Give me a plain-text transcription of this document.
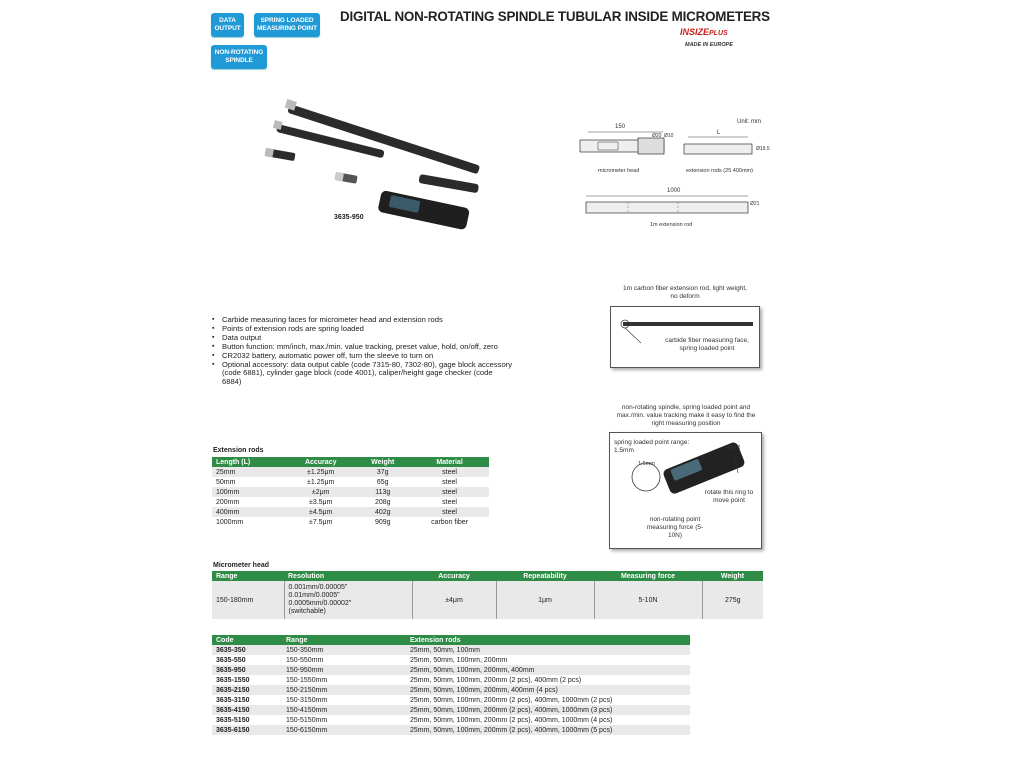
DATA OUTPUT
SPRING LOADED MEASURING POINT
NON-ROTATING SPINDLE
DIGITAL NON-ROTATING SPINDLE TUBULAR INSIDE MICROMETERS
INSIZEPLUS
MADE IN EUROPE
3635-950
Unit: mm
150
L
1000
Ø20 Ø10
Ø19.5
Ø21
micrometer head	extension rods (25 400mm)
1m extension rod
▪ Carbide measuring faces for micrometer head and extension rods
▪ Points of extension rods are spring loaded
▪ Data output
▪ Button function: mm/inch, max./min. value tracking, preset value, hold, on/off, zero
▪ CR2032 battery, automatic power off, turn the sleeve to turn on
▪ Optional accessory: data output cable (code 7315-80, 7302-80), gage block accessory (code 6881), cylinder gage block (code 4001), caliper/height gage checker (code 6884)
1m carbon fiber extension rod, light weight, no deform
carbide fiber measuring face, spring loaded point
non-rotating spindle, spring loaded point and max./min. value tracking make it easy to find the right measuring position
spring loaded point range: 1.5mm
1.5mm
point
rotate this ring to move point
non-rotating point measuring force (5-10N)
Extension rods
Length (L)	Accuracy	Weight	Material
25mm	±1.25μm	37g	steel
50mm	±1.25μm	65g	steel
100mm	±2μm	113g	steel
200mm	±3.5μm	208g	steel
400mm	±4.5μm	402g	steel
1000mm	±7.5μm	909g	carbon fiber
Micrometer head
Range	Resolution	Accuracy	Repeatability	Measuring force	Weight
150-180mm	0.001mm/0.00005"
0.01mm/0.0005"
0.0005mm/0.00002"
(switchable)	±4μm	1μm	5-10N	275g
Code	Range	Extension rods
3635-350	150-350mm	25mm, 50mm, 100mm
3635-550	150-550mm	25mm, 50mm, 100mm, 200mm
3635-950	150-950mm	25mm, 50mm, 100mm, 200mm, 400mm
3635-1550	150-1550mm	25mm, 50mm, 100mm, 200mm (2 pcs), 400mm (2 pcs)
3635-2150	150-2150mm	25mm, 50mm, 100mm, 200mm, 400mm (4 pcs)
3635-3150	150-3150mm	25mm, 50mm, 100mm, 200mm (2 pcs), 400mm, 1000mm (2 pcs)
3635-4150	150-4150mm	25mm, 50mm, 100mm, 200mm (2 pcs), 400mm, 1000mm (3 pcs)
3635-5150	150-5150mm	25mm, 50mm, 100mm, 200mm (2 pcs), 400mm, 1000mm (4 pcs)
3635-6150	150-6150mm	25mm, 50mm, 100mm, 200mm (2 pcs), 400mm, 1000mm (5 pcs)
